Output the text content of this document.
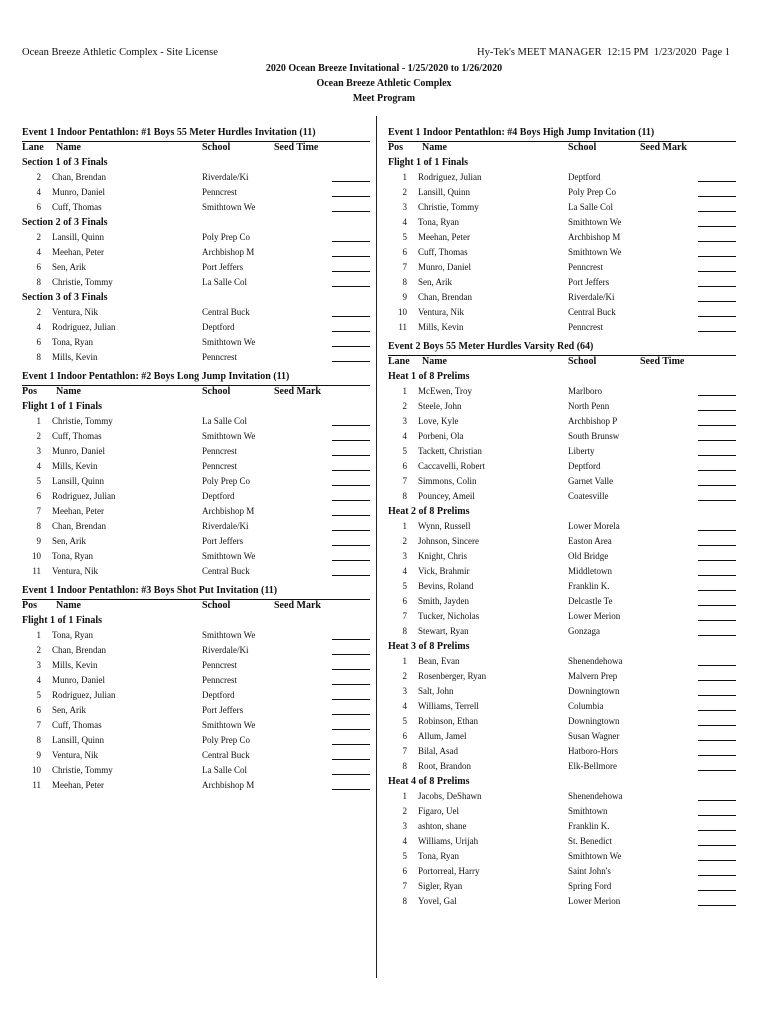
Ocean Breeze Athletic Complex - Site License	Hy-Tek's MEET MANAGER  12:15 PM  1/23/2020  Page 1
2020 Ocean Breeze Invitational - 1/25/2020 to 1/26/2020
Ocean Breeze Athletic Complex
Meet Program
Event 1 Indoor Pentathlon: #1 Boys 55 Meter Hurdles Invitation (11)
Lane Name	School	Seed Time
Section 1 of 3 Finals
2 Chan, Brendan	Riverdale/Ki
4 Munro, Daniel	Penncrest
6 Cuff, Thomas	Smithtown We
Section 2 of 3 Finals
2 Lansill, Quinn	Poly Prep Co
4 Meehan, Peter	Archbishop M
6 Sen, Arik	Port Jeffers
8 Christie, Tommy	La Salle Col
Section 3 of 3 Finals
2 Ventura, Nik	Central Buck
4 Rodriguez, Julian	Deptford
6 Tona, Ryan	Smithtown We
8 Mills, Kevin	Penncrest
Event 1 Indoor Pentathlon: #2 Boys Long Jump Invitation (11)
Pos Name	School	Seed Mark
Flight 1 of 1 Finals
1 Christie, Tommy	La Salle Col
2 Cuff, Thomas	Smithtown We
3 Munro, Daniel	Penncrest
4 Mills, Kevin	Penncrest
5 Lansill, Quinn	Poly Prep Co
6 Rodriguez, Julian	Deptford
7 Meehan, Peter	Archbishop M
8 Chan, Brendan	Riverdale/Ki
9 Sen, Arik	Port Jeffers
10 Tona, Ryan	Smithtown We
11 Ventura, Nik	Central Buck
Event 1 Indoor Pentathlon: #3 Boys Shot Put Invitation (11)
Pos Name	School	Seed Mark
Flight 1 of 1 Finals
1 Tona, Ryan	Smithtown We
2 Chan, Brendan	Riverdale/Ki
3 Mills, Kevin	Penncrest
4 Munro, Daniel	Penncrest
5 Rodriguez, Julian	Deptford
6 Sen, Arik	Port Jeffers
7 Cuff, Thomas	Smithtown We
8 Lansill, Quinn	Poly Prep Co
9 Ventura, Nik	Central Buck
10 Christie, Tommy	La Salle Col
11 Meehan, Peter	Archbishop M
Event 1 Indoor Pentathlon: #4 Boys High Jump Invitation (11)
Pos Name	School	Seed Mark
Flight 1 of 1 Finals
1 Rodriguez, Julian	Deptford
2 Lansill, Quinn	Poly Prep Co
3 Christie, Tommy	La Salle Col
4 Tona, Ryan	Smithtown We
5 Meehan, Peter	Archbishop M
6 Cuff, Thomas	Smithtown We
7 Munro, Daniel	Penncrest
8 Sen, Arik	Port Jeffers
9 Chan, Brendan	Riverdale/Ki
10 Ventura, Nik	Central Buck
11 Mills, Kevin	Penncrest
Event 2 Boys 55 Meter Hurdles Varsity Red (64)
Lane Name	School	Seed Time
Heat 1 of 8 Prelims
1 McEwen, Troy	Marlboro
2 Steele, John	North Penn
3 Love, Kyle	Archbishop P
4 Porbeni, Ola	South Brunsw
5 Tackett, Christian	Liberty
6 Caccavelli, Robert	Deptford
7 Simmons, Colin	Garnet Valle
8 Pouncey, Ameil	Coatesville
Heat 2 of 8 Prelims
1 Wynn, Russell	Lower Morela
2 Johnson, Sincere	Easton Area
3 Knight, Chris	Old Bridge
4 Vick, Brahmir	Middletown
5 Bevins, Roland	Franklin K.
6 Smith, Jayden	Delcastle Te
7 Tucker, Nicholas	Lower Merion
8 Stewart, Ryan	Gonzaga
Heat 3 of 8 Prelims
1 Bean, Evan	Shenendehowa
2 Rosenberger, Ryan	Malvern Prep
3 Salt, John	Downingtown
4 Williams, Terrell	Columbia
5 Robinson, Ethan	Downingtown
6 Allum, Jamel	Susan Wagner
7 Bilal, Asad	Hatboro-Hors
8 Root, Brandon	Elk-Bellmore
Heat 4 of 8 Prelims
1 Jacobs, DeShawn	Shenendehowa
2 Figaro, Uel	Smithtown
3 ashton, shane	Franklin K.
4 Williams, Urijah	St. Benedict
5 Tona, Ryan	Smithtown We
6 Portorreal, Harry	Saint John's
7 Sigler, Ryan	Spring Ford
8 Yovel, Gal	Lower Merion
